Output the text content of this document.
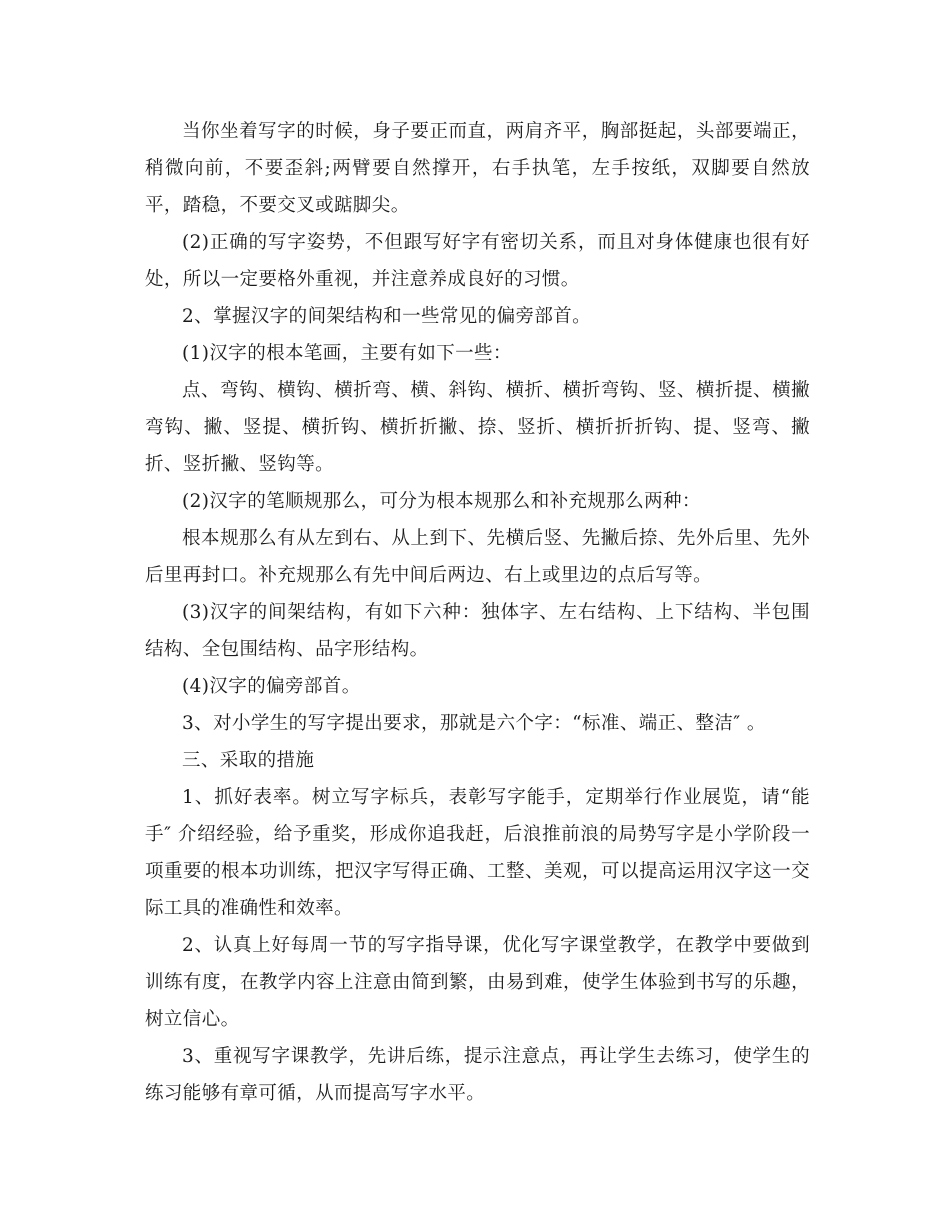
当你坐着写字的时候，身子要正而直，两肩齐平，胸部挺起，头部要端正，稍微向前，不要歪斜;两臂要自然撑开，右手执笔，左手按纸，双脚要自然放平，踏稳，不要交叉或踮脚尖。

(2)正确的写字姿势，不但跟写好字有密切关系，而且对身体健康也很有好处，所以一定要格外重视，并注意养成良好的习惯。

2、掌握汉字的间架结构和一些常见的偏旁部首。

(1)汉字的根本笔画，主要有如下一些：

点、弯钩、横钩、横折弯、横、斜钩、横折、横折弯钩、竖、横折提、横撇弯钩、撇、竖提、横折钩、横折折撇、捺、竖折、横折折折钩、提、竖弯、撇折、竖折撇、竖钩等。

(2)汉字的笔顺规那么，可分为根本规那么和补充规那么两种：

根本规那么有从左到右、从上到下、先横后竖、先撇后捺、先外后里、先外后里再封口。补充规那么有先中间后两边、右上或里边的点后写等。

(3)汉字的间架结构，有如下六种：独体字、左右结构、上下结构、半包围结构、全包围结构、品字形结构。

(4)汉字的偏旁部首。

3、对小学生的写字提出要求，那就是六个字：“标准、端正、整洁″ 。

三、采取的措施

1、抓好表率。树立写字标兵，表彰写字能手，定期举行作业展览，请“能手″ 介绍经验，给予重奖，形成你追我赶，后浪推前浪的局势写字是小学阶段一项重要的根本功训练，把汉字写得正确、工整、美观，可以提高运用汉字这一交际工具的准确性和效率。

2、认真上好每周一节的写字指导课，优化写字课堂教学，在教学中要做到训练有度，在教学内容上注意由简到繁，由易到难，使学生体验到书写的乐趣，树立信心。

3、重视写字课教学，先讲后练，提示注意点，再让学生去练习，使学生的练习能够有章可循，从而提高写字水平。
